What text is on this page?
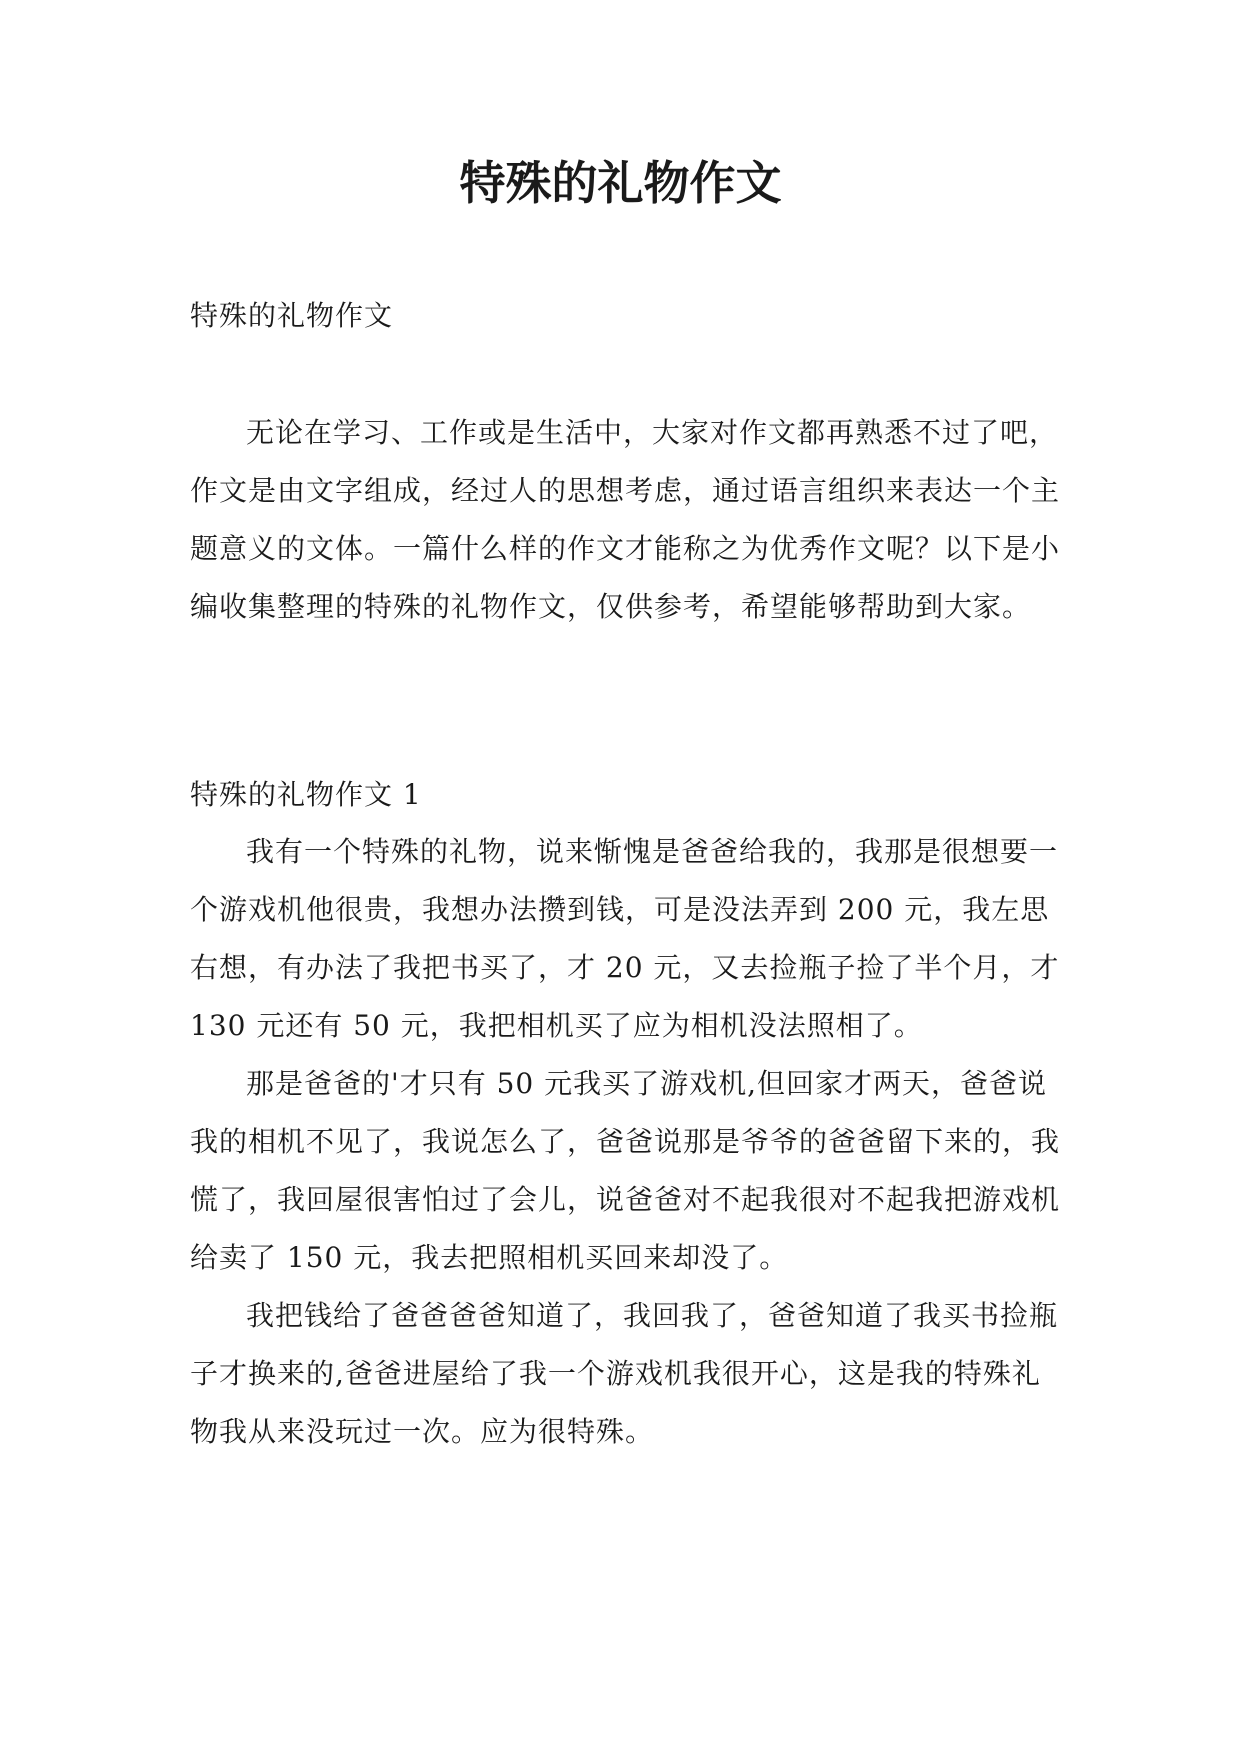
特殊的礼物作文
特殊的礼物作文

无论在学习、工作或是生活中，大家对作文都再熟悉不过了吧，作文是由文字组成，经过人的思想考虑，通过语言组织来表达一个主题意义的文体。一篇什么样的作文才能称之为优秀作文呢？以下是小编收集整理的特殊的礼物作文，仅供参考，希望能够帮助到大家。

特殊的礼物作文 1

我有一个特殊的礼物，说来惭愧是爸爸给我的，我那是很想要一个游戏机他很贵，我想办法攒到钱，可是没法弄到 200 元，我左思右想，有办法了我把书买了，才 20 元，又去捡瓶子捡了半个月，才 130 元还有 50 元，我把相机买了应为相机没法照相了。

那是爸爸的'才只有 50 元我买了游戏机,但回家才两天，爸爸说我的相机不见了，我说怎么了，爸爸说那是爷爷的爸爸留下来的，我慌了，我回屋很害怕过了会儿，说爸爸对不起我很对不起我把游戏机给卖了 150 元，我去把照相机买回来却没了。

我把钱给了爸爸爸爸知道了，我回我了，爸爸知道了我买书捡瓶子才换来的,爸爸进屋给了我一个游戏机我很开心，这是我的特殊礼物我从来没玩过一次。应为很特殊。
